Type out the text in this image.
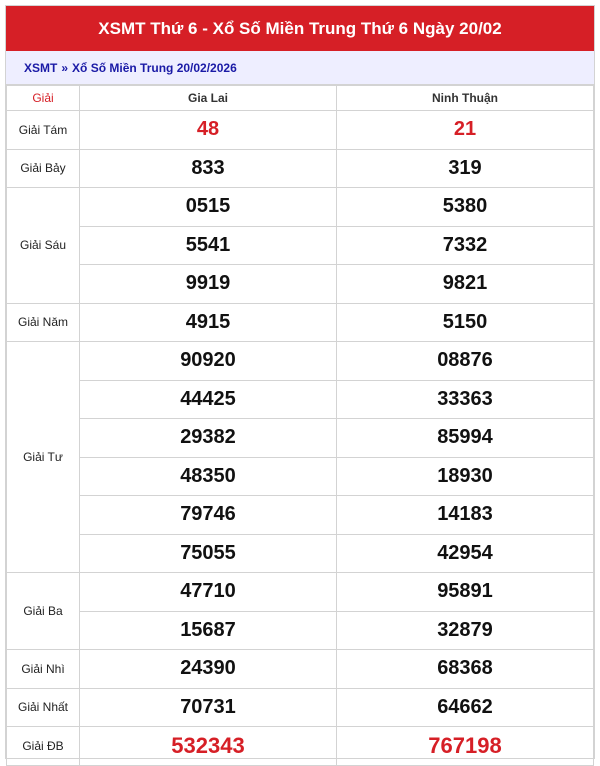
XSMT Thứ 6 - Xổ Số Miền Trung Thứ 6 Ngày 20/02
XSMT » Xổ Số Miền Trung 20/02/2026
Giải	Gia Lai	Ninh Thuận
Giải Tám	48	21
Giải Bảy	833	319
Giải Sáu	0515	5380
	5541	7332
	9919	9821
Giải Năm	4915	5150
Giải Tư	90920	08876
	44425	33363
	29382	85994
	48350	18930
	79746	14183
	75055	42954
Giải Ba	47710	95891
	15687	32879
Giải Nhì	24390	68368
Giải Nhất	70731	64662
Giải ĐB	532343	767198
